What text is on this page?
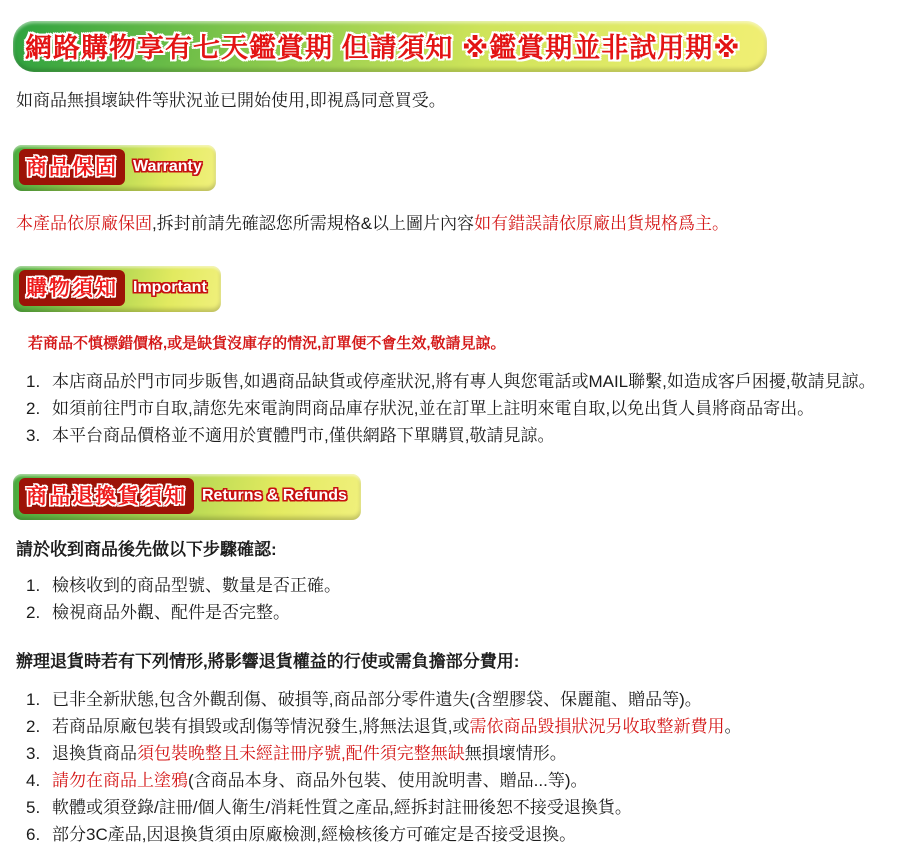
網路購物享有七天鑑賞期 但請須知 ※鑑賞期並非試用期※

如商品無損壞缺件等狀況並已開始使用,即視爲同意買受。

商品保固 Warranty

本產品依原廠保固,拆封前請先確認您所需規格&以上圖片內容如有錯誤請依原廠出貨規格爲主。

購物須知 Important
若商品不慎標錯價格,或是缺貨沒庫存的情況,訂單便不會生效,敬請見諒。
1. 本店商品於門市同步販售,如遇商品缺貨或停產狀況,將有專人與您電話或MAIL聯繫,如造成客戶困擾,敬請見諒。
2. 如須前往門市自取,請您先來電詢問商品庫存狀況,並在訂單上註明來電自取,以免出貨人員將商品寄出。
3. 本平台商品價格並不適用於實體門市,僅供網路下單購買,敬請見諒。
商品退換貨須知 Returns & Refunds
請於收到商品後先做以下步驟確認:
1. 檢核收到的商品型號、數量是否正確。
2. 檢視商品外觀、配件是否完整。
辦理退貨時若有下列情形,將影響退貨權益的行使或需負擔部分費用:
1. 已非全新狀態,包含外觀刮傷、破損等,商品部分零件遺失(含塑膠袋、保麗龍、贈品等)。
2. 若商品原廠包裝有損毀或刮傷等情況發生,將無法退貨,或需依商品毀損狀況另收取整新費用。
3. 退換貨商品須包裝晚整且未經註冊序號,配件須完整無缺無損壞情形。
4. 請勿在商品上塗鴉(含商品本身、商品外包裝、使用說明書、贈品...等)。
5. 軟體或須登錄/註冊/個人衛生/消耗性質之產品,經拆封註冊後恕不接受退換貨。
6. 部分3C產品,因退換貨須由原廠檢測,經檢核後方可確定是否接受退換。
